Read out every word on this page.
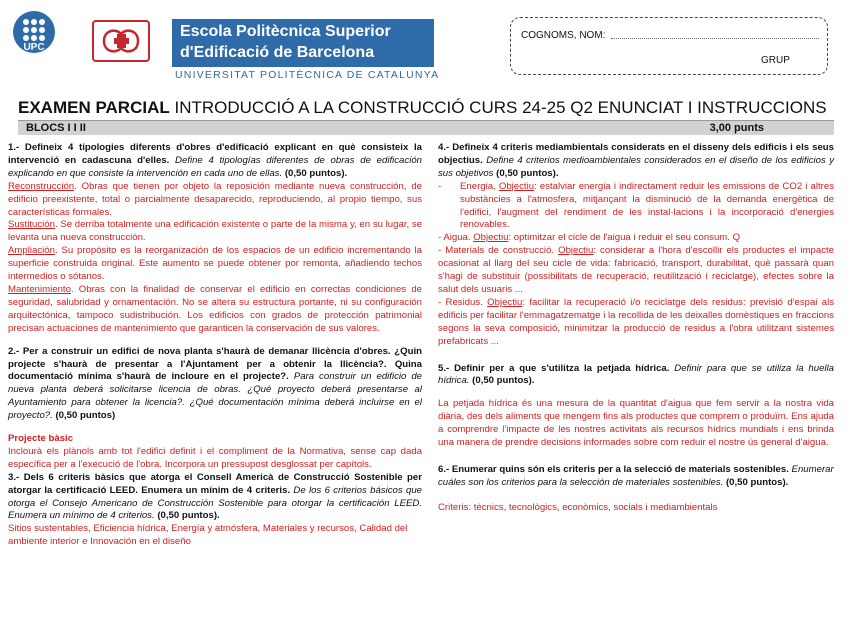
UPC
Escola Politècnica Superior
d'Edificació de Barcelona
UNIVERSITAT POLITÈCNICA DE CATALUNYA
COGNOMS, NOM:
GRUP
EXAMEN PARCIAL INTRODUCCIÓ A LA CONSTRUCCIÓ CURS 24-25 Q2 ENUNCIAT I INSTRUCCIONS
BLOCS I I II	3,00 punts

1.- Defineix 4 tipologies diferents d'obres d'edificació explicant en què consisteix la intervenció en cadascuna d'elles. Define 4 tipologías diferentes de obras de edificación explicando en que consiste la intervención en cada uno de ellas. (0,50 puntos).

Reconstrucción. Obras que tienen por objeto la reposición mediante nueva construcción, de edificio preexistente, total o parcialmente desaparecido, reproduciendo, al propio tiempo, sus características formales.

Sustitución. Se derriba totalmente una edificación existente o parte de la misma y, en su lugar, se levanta una nueva construcción.

Ampliación. Su propósito es la reorganización de los espacios de un edificio incrementando la superficie construida original. Este aumento se puede obtener por remonta, añadiendo techos intermedios o sótanos.

Mantenimiento. Obras con la finalidad de conservar el edificio en correctas condiciones de seguridad, salubridad y ornamentación. No se altera su estructura portante, ni su configuración arquitectónica, tampoco sudistribución. Los edificios con grados de protección patrimonial precisan actuaciones de mantenimiento que garanticen la conservación de sus valores.

2.- Per a construir un edifici de nova planta s'haurà de demanar llicència d'obres. ¿Quin projecte s'haurà de presentar a l'Ajuntament per a obtenir la llicència?. Quina documentació mínima s'haurà de incloure en el projecte?. Para construir un edificio de nueva planta deberá solicitarse licencia de obras. ¿Qué proyecto deberá presentarse al Ayuntamiento para obtener la licencia?. ¿Qué documentación mínima deberá incluirse en el proyecto?. (0,50 puntos)

Projecte bàsic

Inclourà els plànols amb tot l'edifici definit i el compliment de la Normativa, sense cap dada específica per a l'execució de l'obra. Incorpora un pressupost desglossat per capítols.

3.- Dels 6 criteris bàsics que atorga el Consell Americà de Construcció Sostenible per atorgar la certificació LEED. Enumera un mínim de 4 criteris. De los 6 criterios básicos que otorga el Consejo Americano de Construcción Sostenible para otorgar la certificación LEED. Enumera un mínimo de 4 criterios. (0,50 puntos).

Sitios sustentables, Eficiencia hídrica, Energía y atmósfera, Materiales y recursos, Calidad del ambiente interior e Innovación en el diseño

4.- Defineix 4 criteris mediambientals considerats en el disseny dels edificis i els seus objectius. Define 4 criterios medioambientales considerados en el diseño de los edificios y sus objetivos (0,50 puntos).

-	Energia. Objectiu: estalviar energia i indirectament reduir les emissions de CO2 i altres substàncies a l'atmosfera, mitjançant la disminució de la demanda energètica de l'edifici, l'augment del rendiment de les instal·lacions i la incorporació d'energies renovables.

- Aigua. Objectiu: optimitzar el cicle de l'aigua i reduir el seu consum. Q

- Materials de construcció. Objectiu: considerar a l'hora d'escollir els productes el impacte ocasionat al llarg del seu cicle de vida: fabricació, transport, durabilitat, què passarà quan s'hagi de substituir (possibilitats de recuperació, reutilització i reciclatge), efectes sobre la salut dels usuaris ...

- Residus. Objectiu: facilitar la recuperació i/o reciclatge dels residus: previsió d'espai als edificis per facilitar l'emmagatzematge i la recollida de les deixalles domèstiques en fraccions segons la seva composició, minimitzar la producció de residus a l'obra utilitzant sistemes prefabricats ...

5.- Definir per a que s'utilitza la petjada hídrica. Definir para que se utiliza la huella hídrica. (0,50 puntos).

La petjada hídrica és una mesura de la quantitat d'aigua que fem servir a la nostra vida diària, des dels aliments que mengem fins als productes que comprem o produïm. Ens ajuda a comprendre l'impacte de les nostres activitats als recursos hídrics mundials i ens brinda una manera de prendre decisions informades sobre com reduir el nostre ús general d'aigua.

6.- Enumerar quins són els criteris per a la selecció de materials sostenibles. Enumerar cuáles son los criterios para la selección de materiales sostenibles. (0,50 puntos).

Criteris: tècnics, tecnològics, econòmics, socials i mediambientals
